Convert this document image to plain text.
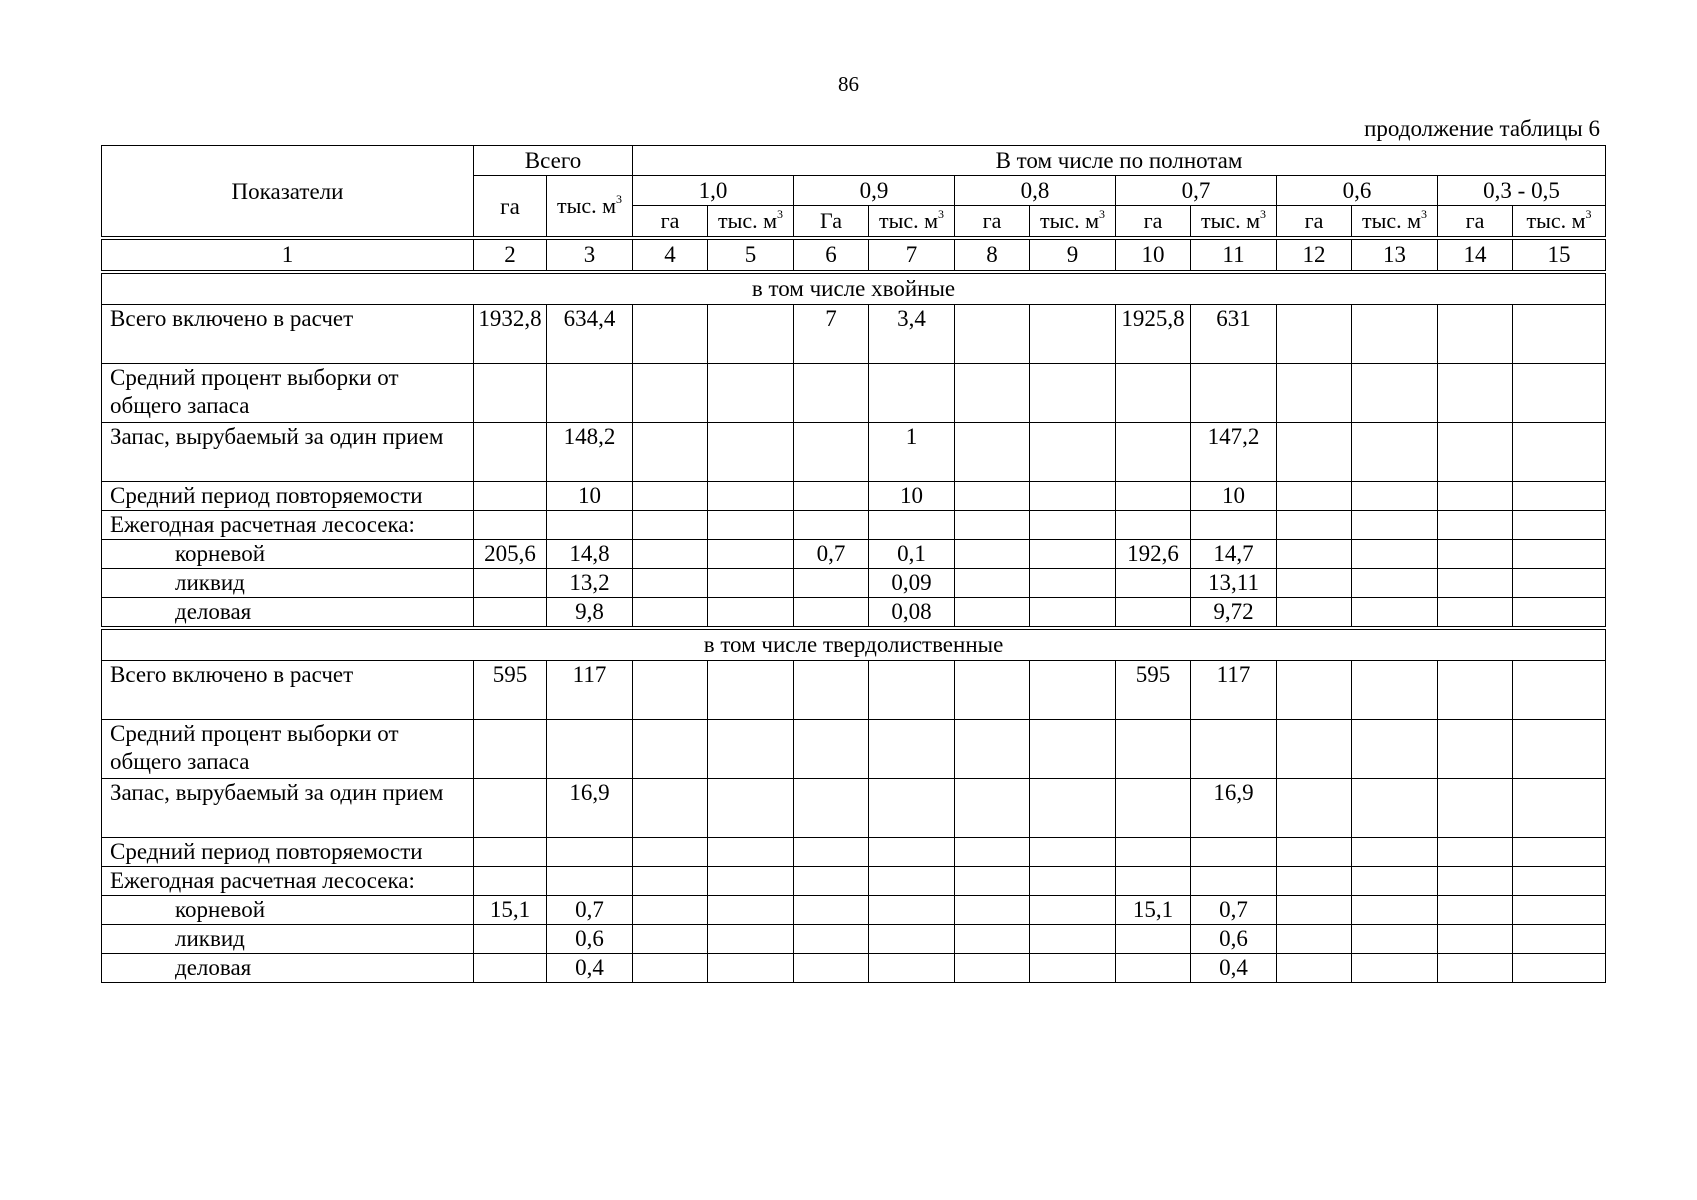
86
продолжение таблицы 6
Показатели	Всего		В том числе по полнотам											
	га	тыс. $м^3$	1,0		0,9		0,8		0,7		0,6		0,3 - 0,5	
			га	тыс. $м^3$	Га	тыс. $м^3$	га	тыс. $м^3$	га	тыс. $м^3$	га	тыс. $м^3$	га	тыс. $м^3$
1	2	3	4	5	6	7	8	9	10	11	12	13	14	15
в том числе хвойные														
Всего включено в расчет	1932,8	634,4			7	3,4			1925,8	631				
Средний процент выборки от общего запаса														
Запас, вырубаемый за один прием		148,2				1				147,2				
Средний период повторяемости		10				10				10				
Ежегодная расчетная лесосека:														
корневой	205,6	14,8			0,7	0,1			192,6	14,7				
ликвид		13,2				0,09				13,11				
деловая		9,8				0,08				9,72				
в том числе твердолиственные														
Всего включено в расчет	595	117							595	117				
Средний процент выборки от общего запаса														
Запас, вырубаемый за один прием		16,9								16,9				
Средний период повторяемости														
Ежегодная расчетная лесосека:														
корневой	15,1	0,7							15,1	0,7				
ликвид		0,6								0,6				
деловая		0,4								0,4				
